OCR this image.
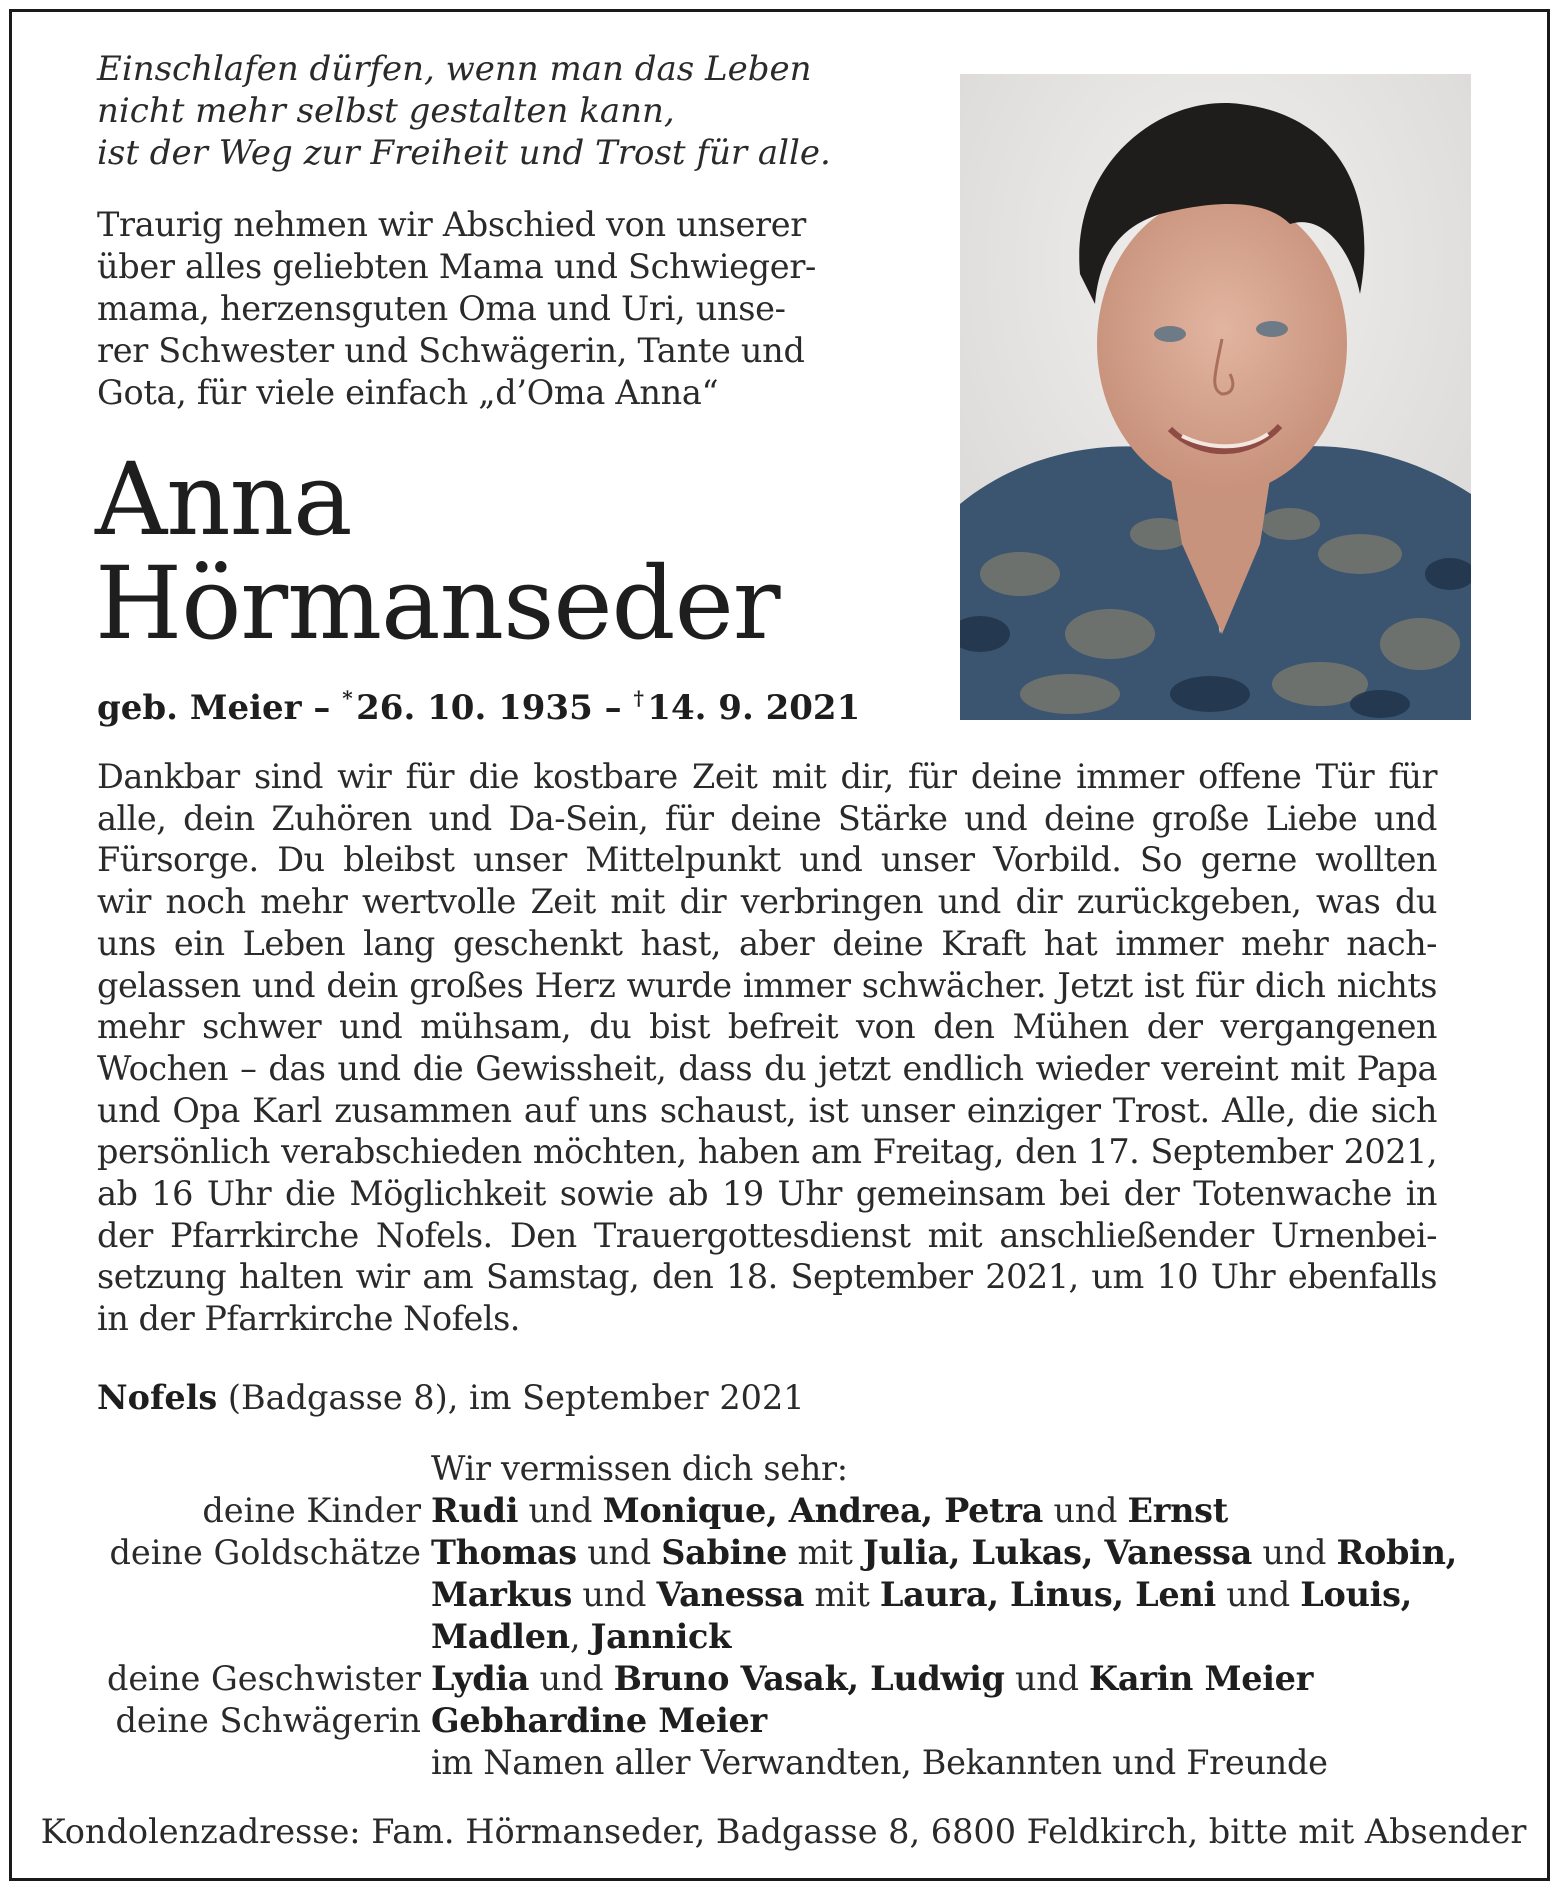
Einschlafen dürfen, wenn man das Leben
nicht mehr selbst gestalten kann,
ist der Weg zur Freiheit und Trost für alle.
Traurig nehmen wir Abschied von unserer
über alles geliebten Mama und Schwieger-
mama, herzensguten Oma und Uri, unse-
rer Schwester und Schwägerin, Tante und
Gota, für viele einfach „d’Oma Anna“
Anna
Hörmanseder
geb. Meier – * 26. 10. 1935 – † 14. 9. 2021
Dankbar sind wir für die kostbare Zeit mit dir, für deine immer offene Tür für
alle, dein Zuhören und Da-Sein, für deine Stärke und deine große Liebe und
Fürsorge. Du bleibst unser Mittelpunkt und unser Vorbild. So gerne wollten
wir noch mehr wertvolle Zeit mit dir verbringen und dir zurückgeben, was du
uns ein Leben lang geschenkt hast, aber deine Kraft hat immer mehr nach-
gelassen und dein großes Herz wurde immer schwächer. Jetzt ist für dich nichts
mehr schwer und mühsam, du bist befreit von den Mühen der vergangenen
Wochen – das und die Gewissheit, dass du jetzt endlich wieder vereint mit Papa
und Opa Karl zusammen auf uns schaust, ist unser einziger Trost. Alle, die sich
persönlich verabschieden möchten, haben am Freitag, den 17. September 2021,
ab 16 Uhr die Möglichkeit sowie ab 19 Uhr gemeinsam bei der Totenwache in
der Pfarrkirche Nofels. Den Trauergottesdienst mit anschließender Urnenbei-
setzung halten wir am Samstag, den 18. September 2021, um 10 Uhr ebenfalls
in der Pfarrkirche Nofels.
Nofels (Badgasse 8), im September 2021
Wir vermissen dich sehr:
deine Kinder Rudi und Monique, Andrea, Petra und Ernst
deine Goldschätze Thomas und Sabine mit Julia, Lukas, Vanessa und Robin,
Markus und Vanessa mit Laura, Linus, Leni und Louis,
Madlen, Jannick
deine Geschwister Lydia und Bruno Vasak, Ludwig und Karin Meier
deine Schwägerin Gebhardine Meier
im Namen aller Verwandten, Bekannten und Freunde
Kondolenzadresse: Fam. Hörmanseder, Badgasse 8, 6800 Feldkirch, bitte mit Absender
